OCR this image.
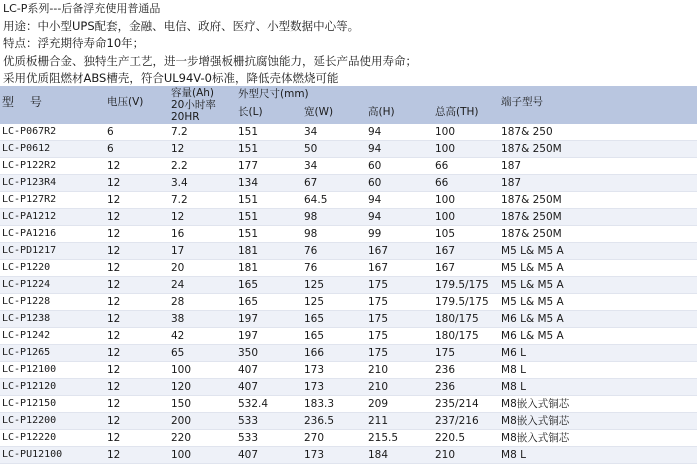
LC-P系列---后备浮充使用普通品
用途：中小型UPS配套，金融、电信、政府、医疗、小型数据中心等。
特点：浮充期待寿命10年；
优质板栅合金、独特生产工艺，进一步增强板栅抗腐蚀能力，延长产品使用寿命；
采用优质阻燃材ABS槽壳，符合UL94V-0标准，降低壳体燃烧可能
型 号	电压(V)	容量(Ah)
20小时率20HR	外型尺寸(mm)				端子型号
			长(L)	宽(W)	高(H)	总高(TH)	
LC-P067R2	6	7.2	151	34	94	100	187& 250
LC-P0612	6	12	151	50	94	100	187& 250M
LC-P122R2	12	2.2	177	34	60	66	187
LC-P123R4	12	3.4	134	67	60	66	187
LC-P127R2	12	7.2	151	64.5	94	100	187& 250M
LC-PA1212	12	12	151	98	94	100	187& 250M
LC-PA1216	12	16	151	98	99	105	187& 250M
LC-PD1217	12	17	181	76	167	167	M5 L& M5 A
LC-P1220	12	20	181	76	167	167	M5 L& M5 A
LC-P1224	12	24	165	125	175	179.5/175	M5 L& M5 A
LC-P1228	12	28	165	125	175	179.5/175	M5 L& M5 A
LC-P1238	12	38	197	165	175	180/175	M6 L& M5 A
LC-P1242	12	42	197	165	175	180/175	M6 L& M5 A
LC-P1265	12	65	350	166	175	175	M6 L
LC-P12100	12	100	407	173	210	236	M8 L
LC-P12120	12	120	407	173	210	236	M8 L
LC-P12150	12	150	532.4	183.3	209	235/214	M8嵌入式铜芯
LC-P12200	12	200	533	236.5	211	237/216	M8嵌入式铜芯
LC-P12220	12	220	533	270	215.5	220.5	M8嵌入式铜芯
LC-PU12100	12	100	407	173	184	210	M8 L
